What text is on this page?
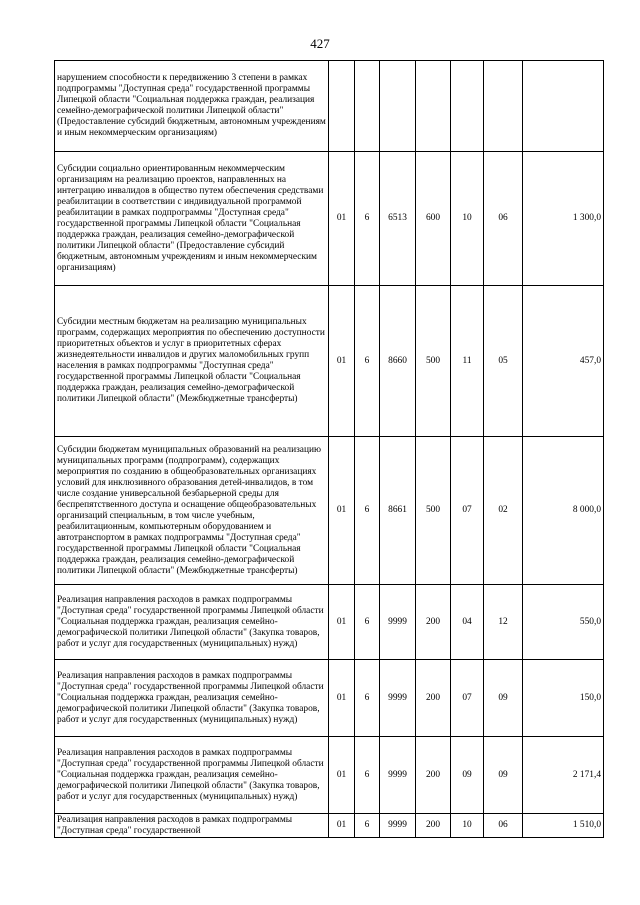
427
нарушением способности к передвижению 3 степени в рамках подпрограммы "Доступная среда" государственной программы Липецкой области "Социальная поддержка граждан, реализация семейно-демографической политики Липецкой области" (Предоставление субсидий бюджетным, автономным учреждениям и иным некоммерческим организациям)							
Субсидии социально ориентированным некоммерческим организациям на реализацию проектов, направленных на интеграцию инвалидов в общество путем обеспечения средствами реабилитации в соответствии с индивидуальной программой реабилитации в рамках подпрограммы "Доступная среда" государственной программы Липецкой области "Социальная поддержка граждан, реализация семейно-демографической политики Липецкой области" (Предоставление субсидий бюджетным, автономным учреждениям и иным некоммерческим организациям)	01	6	6513	600	10	06	1 300,0
Субсидии местным бюджетам на реализацию муниципальных программ, содержащих мероприятия по обеспечению доступности приоритетных объектов и услуг в приоритетных сферах жизнедеятельности инвалидов и других маломобильных групп населения в рамках подпрограммы "Доступная среда" государственной программы Липецкой области "Социальная поддержка граждан, реализация семейно-демографической политики Липецкой области" (Межбюджетные трансферты)	01	6	8660	500	11	05	457,0
Субсидии бюджетам муниципальных образований на реализацию муниципальных программ (подпрограмм), содержащих мероприятия по созданию в общеобразовательных организациях условий для инклюзивного образования детей-инвалидов, в том числе создание универсальной безбарьерной среды для беспрепятственного доступа и оснащение общеобразовательных организаций специальным, в том числе учебным, реабилитационным, компьютерным оборудованием и автотранспортом в рамках подпрограммы "Доступная среда" государственной программы Липецкой области "Социальная поддержка граждан, реализация семейно-демографической политики Липецкой области" (Межбюджетные трансферты)	01	6	8661	500	07	02	8 000,0
Реализация направления расходов в рамках подпрограммы "Доступная среда" государственной программы Липецкой области "Социальная поддержка граждан, реализация семейно-демографической политики Липецкой области" (Закупка товаров, работ и услуг для государственных (муниципальных) нужд)	01	6	9999	200	04	12	550,0
Реализация направления расходов в рамках подпрограммы "Доступная среда" государственной программы Липецкой области "Социальная поддержка граждан, реализация семейно-демографической политики Липецкой области" (Закупка товаров, работ и услуг для государственных (муниципальных) нужд)	01	6	9999	200	07	09	150,0
Реализация направления расходов в рамках подпрограммы "Доступная среда" государственной программы Липецкой области "Социальная поддержка граждан, реализация семейно-демографической политики Липецкой области" (Закупка товаров, работ и услуг для государственных (муниципальных) нужд)	01	6	9999	200	09	09	2 171,4
Реализация направления расходов в рамках подпрограммы "Доступная среда" государственной	01	6	9999	200	10	06	1 510,0
